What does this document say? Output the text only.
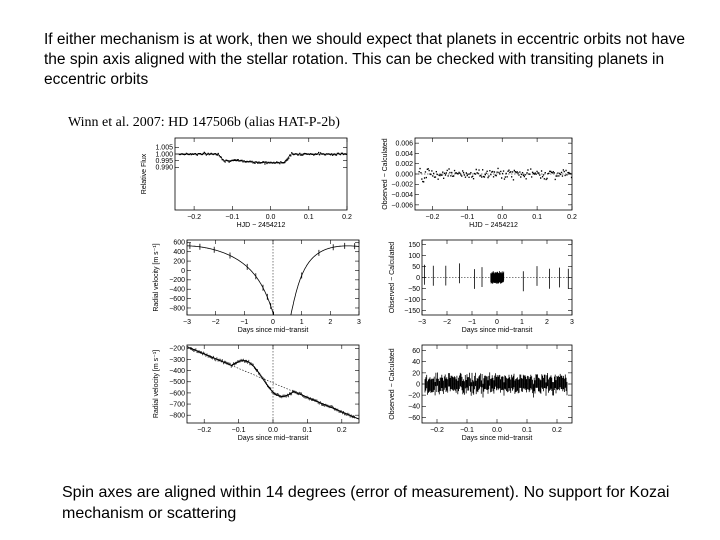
If either mechanism is at work, then we should expect that planets in eccentric orbits not have the spin axis aligned with the stellar rotation. This can be checked with transiting planets in eccentric orbits

Winn et al. 2007: HD 147506b (alias HAT-P-2b)

−0.2	−0.1	0.0	0.1	0.2
1.005
1.000
0.995
0.990
HJD − 2454212
Relative Flux
−0.2	−0.1	0.0	0.1	0.2
0.006
0.004
0.002
0.000
−0.002
−0.004
−0.006
HJD − 2454212
Observed − Calculated
−3	−2	−1	0	1	2	3
600
400
200
0
−200
−400
−600
−800
Days since mid−transit
Radial velocity [m s⁻¹]
−3 −2 −1	0	1	2	3
150
100
50
0
−50
−100
−150
Days since mid−transit
Observed − Calculated
−0.2	−0.1	0.0	0.1	0.2
−200
−300
−400
−500
−600
−700
−800
Days since mid−transit
Radial velocity [m s⁻¹]
−0.2 −0.1	0.0	0.1	0.2
60
40
20
0
−20
−40
−60
Days since mid−transit
Observed − Calculated

Spin axes are aligned within 14 degrees (error of measurement). No support for Kozai mechanism or scattering
